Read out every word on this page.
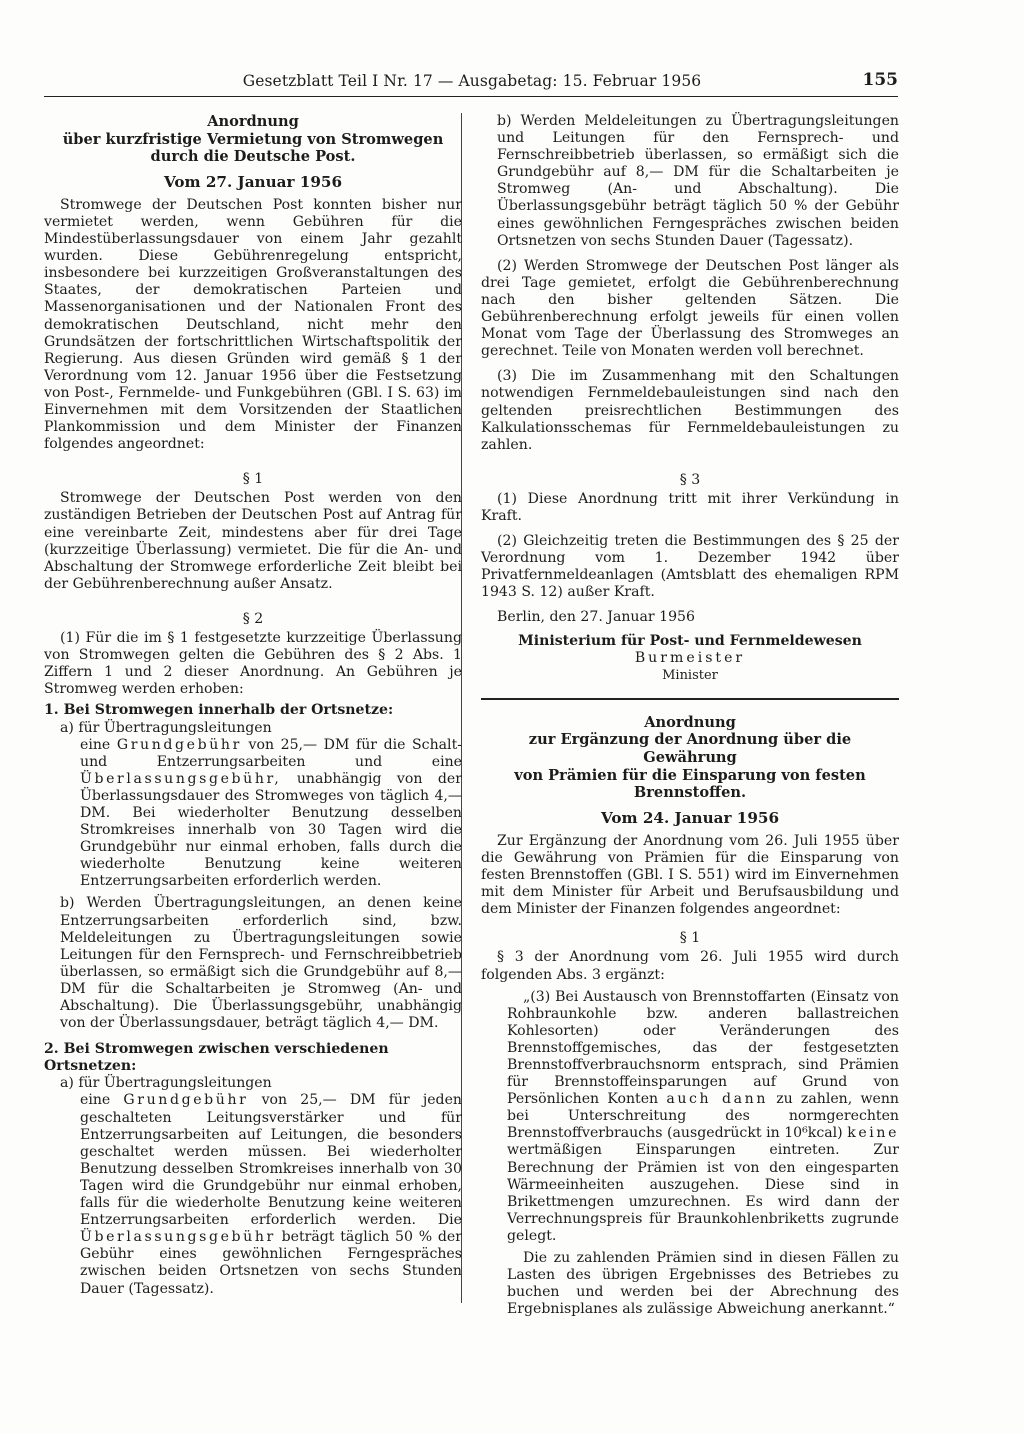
Gesetzblatt Teil I Nr. 17 — Ausgabetag: 15. Februar 1956	155
Anordnung
über kurzfristige Vermietung von Stromwegen
durch die Deutsche Post.
Vom 27. Januar 1956

Stromwege der Deutschen Post konnten bisher nur vermietet werden, wenn Gebühren für die Mindestüberlassungsdauer von einem Jahr gezahlt wurden. Diese Gebührenregelung entspricht, insbesondere bei kurzzeitigen Großveranstaltungen des Staates, der demokratischen Parteien und Massenorganisationen und der Nationalen Front des demokratischen Deutschland, nicht mehr den Grundsätzen der fortschrittlichen Wirtschaftspolitik der Regierung. Aus diesen Gründen wird gemäß § 1 der Verordnung vom 12. Januar 1956 über die Festsetzung von Post-, Fernmelde- und Funkgebühren (GBl. I S. 63) im Einvernehmen mit dem Vorsitzenden der Staatlichen Plankommission und dem Minister der Finanzen folgendes angeordnet:

§ 1

Stromwege der Deutschen Post werden von den zuständigen Betrieben der Deutschen Post auf Antrag für eine vereinbarte Zeit, mindestens aber für drei Tage (kurzzeitige Überlassung) vermietet. Die für die An- und Abschaltung der Stromwege erforderliche Zeit bleibt bei der Gebührenberechnung außer Ansatz.

§ 2

(1) Für die im § 1 festgesetzte kurzzeitige Überlassung von Stromwegen gelten die Gebühren des § 2 Abs. 1 Ziffern 1 und 2 dieser Anordnung. An Gebühren je Stromweg werden erhoben:

1. Bei Stromwegen innerhalb der Ortsnetze:
a) für Übertragungsleitungen

eine Grundgebühr von 25,— DM für die Schalt- und Entzerrungsarbeiten und eine Überlassungsgebühr, unabhängig von der Überlassungsdauer des Stromweges von täglich 4,— DM. Bei wiederholter Benutzung desselben Stromkreises innerhalb von 30 Tagen wird die Grundgebühr nur einmal erhoben, falls durch die wiederholte Benutzung keine weiteren Entzerrungsarbeiten erforderlich werden.

b) Werden Übertragungsleitungen, an denen keine Entzerrungsarbeiten erforderlich sind, bzw. Meldeleitungen zu Übertragungsleitungen sowie Leitungen für den Fernsprech- und Fernschreibbetrieb überlassen, so ermäßigt sich die Grundgebühr auf 8,— DM für die Schaltarbeiten je Stromweg (An- und Abschaltung). Die Überlassungsgebühr, unabhängig von der Überlassungsdauer, beträgt täglich 4,— DM.

2. Bei Stromwegen zwischen verschiedenen Ortsnetzen:
a) für Übertragungsleitungen

eine Grundgebühr von 25,— DM für jeden geschalteten Leitungsverstärker und für Entzerrungsarbeiten auf Leitungen, die besonders geschaltet werden müssen. Bei wiederholter Benutzung desselben Stromkreises innerhalb von 30 Tagen wird die Grundgebühr nur einmal erhoben, falls für die wiederholte Benutzung keine weiteren Entzerrungsarbeiten erforderlich werden. Die Überlassungsgebühr beträgt täglich 50 % der Gebühr eines gewöhnlichen Ferngespräches zwischen beiden Ortsnetzen von sechs Stunden Dauer (Tagessatz).

b) Werden Meldeleitungen zu Übertragungsleitungen und Leitungen für den Fernsprech- und Fernschreibbetrieb überlassen, so ermäßigt sich die Grundgebühr auf 8,— DM für die Schaltarbeiten je Stromweg (An- und Abschaltung). Die Überlassungsgebühr beträgt täglich 50 % der Gebühr eines gewöhnlichen Ferngespräches zwischen beiden Ortsnetzen von sechs Stunden Dauer (Tagessatz).

(2) Werden Stromwege der Deutschen Post länger als drei Tage gemietet, erfolgt die Gebührenberechnung nach den bisher geltenden Sätzen. Die Gebührenberechnung erfolgt jeweils für einen vollen Monat vom Tage der Überlassung des Stromweges an gerechnet. Teile von Monaten werden voll berechnet.

(3) Die im Zusammenhang mit den Schaltungen notwendigen Fernmeldebauleistungen sind nach den geltenden preisrechtlichen Bestimmungen des Kalkulationsschemas für Fernmeldebauleistungen zu zahlen.

§ 3

(1) Diese Anordnung tritt mit ihrer Verkündung in Kraft.

(2) Gleichzeitig treten die Bestimmungen des § 25 der Verordnung vom 1. Dezember 1942 über Privatfernmeldeanlagen (Amtsblatt des ehemaligen RPM 1943 S. 12) außer Kraft.

Berlin, den 27. Januar 1956

Ministerium für Post- und Fernmeldewesen
Burmeister
Minister
Anordnung
zur Ergänzung der Anordnung über die Gewährung
von Prämien für die Einsparung von festen
Brennstoffen.
Vom 24. Januar 1956

Zur Ergänzung der Anordnung vom 26. Juli 1955 über die Gewährung von Prämien für die Einsparung von festen Brennstoffen (GBl. I S. 551) wird im Einvernehmen mit dem Minister für Arbeit und Berufsausbildung und dem Minister der Finanzen folgendes angeordnet:

§ 1

§ 3 der Anordnung vom 26. Juli 1955 wird durch folgenden Abs. 3 ergänzt:

„(3) Bei Austausch von Brennstoffarten (Einsatz von Rohbraunkohle bzw. anderen ballastreichen Kohlesorten) oder Veränderungen des Brennstoffgemisches, das der festgesetzten Brennstoffverbrauchsnorm entsprach, sind Prämien für Brennstoffeinsparungen auf Grund von Persönlichen Konten auch dann zu zahlen, wenn bei Unterschreitung des normgerechten Brennstoffverbrauchs (ausgedrückt in 10⁶kcal) keine wertmäßigen Einsparungen eintreten. Zur Berechnung der Prämien ist von den eingesparten Wärmeeinheiten auszugehen. Diese sind in Brikettmengen umzurechnen. Es wird dann der Verrechnungspreis für Braunkohlenbriketts zugrunde gelegt.

Die zu zahlenden Prämien sind in diesen Fällen zu Lasten des übrigen Ergebnisses des Betriebes zu buchen und werden bei der Abrechnung des Ergebnisplanes als zulässige Abweichung anerkannt.“
